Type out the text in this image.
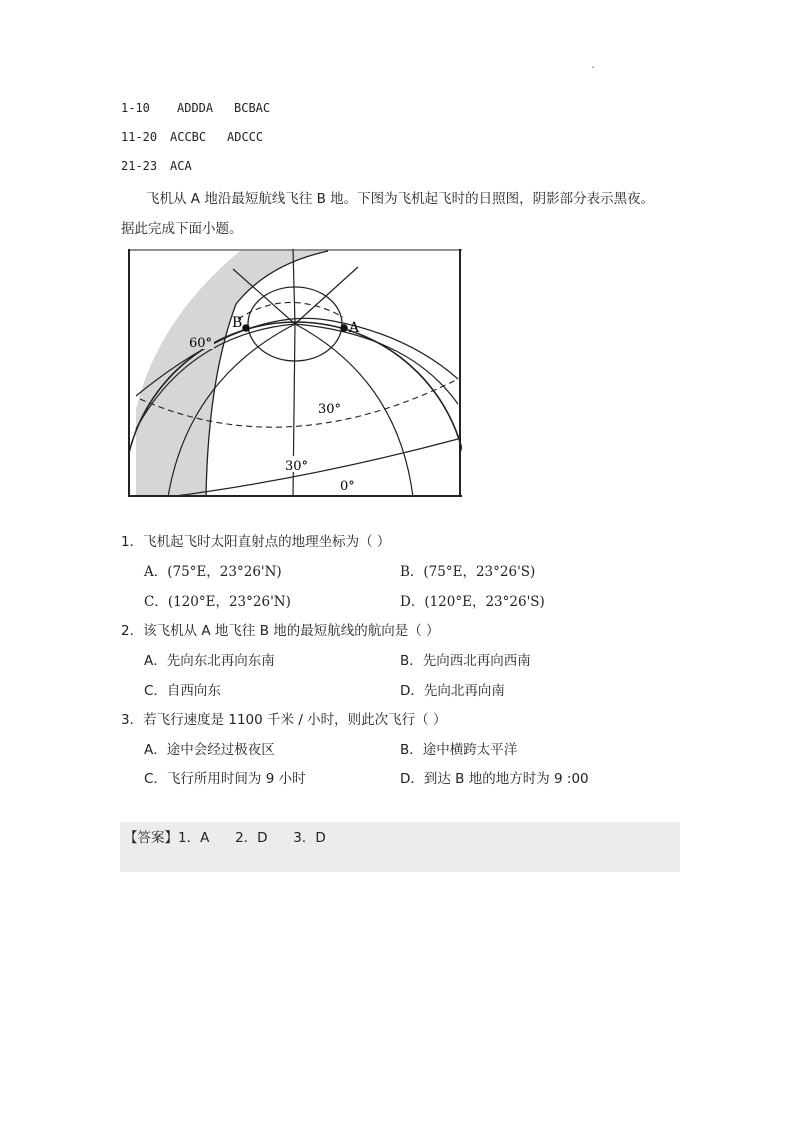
.
1-10 ADDDA BCBAC
11-20 ACCBC ADCCC
21-23 ACA
飞机从 A 地沿最短航线飞往 B 地。下图为飞机起飞时的日照图，阴影部分表示黑夜。
据此完成下面小题。
B	A
60°
30°
30°
0°
1．飞机起飞时太阳直射点的地理坐标为（ ）
A．(75°E，23°26'N)	B．(75°E，23°26'S)
C．(120°E，23°26'N)	D．(120°E，23°26'S)
2．该飞机从 A 地飞往 B 地的最短航线的航向是（ ）
A．先向东北再向东南	B．先向西北再向西南
C．自西向东	D．先向北再向南
3．若飞行速度是 1100 千米 / 小时，则此次飞行（ ）
A．途中会经过极夜区	B．途中横跨太平洋
C．飞行所用时间为 9 小时	D．到达 B 地的地方时为 9 :00
【答案】1．A      2．D      3．D
